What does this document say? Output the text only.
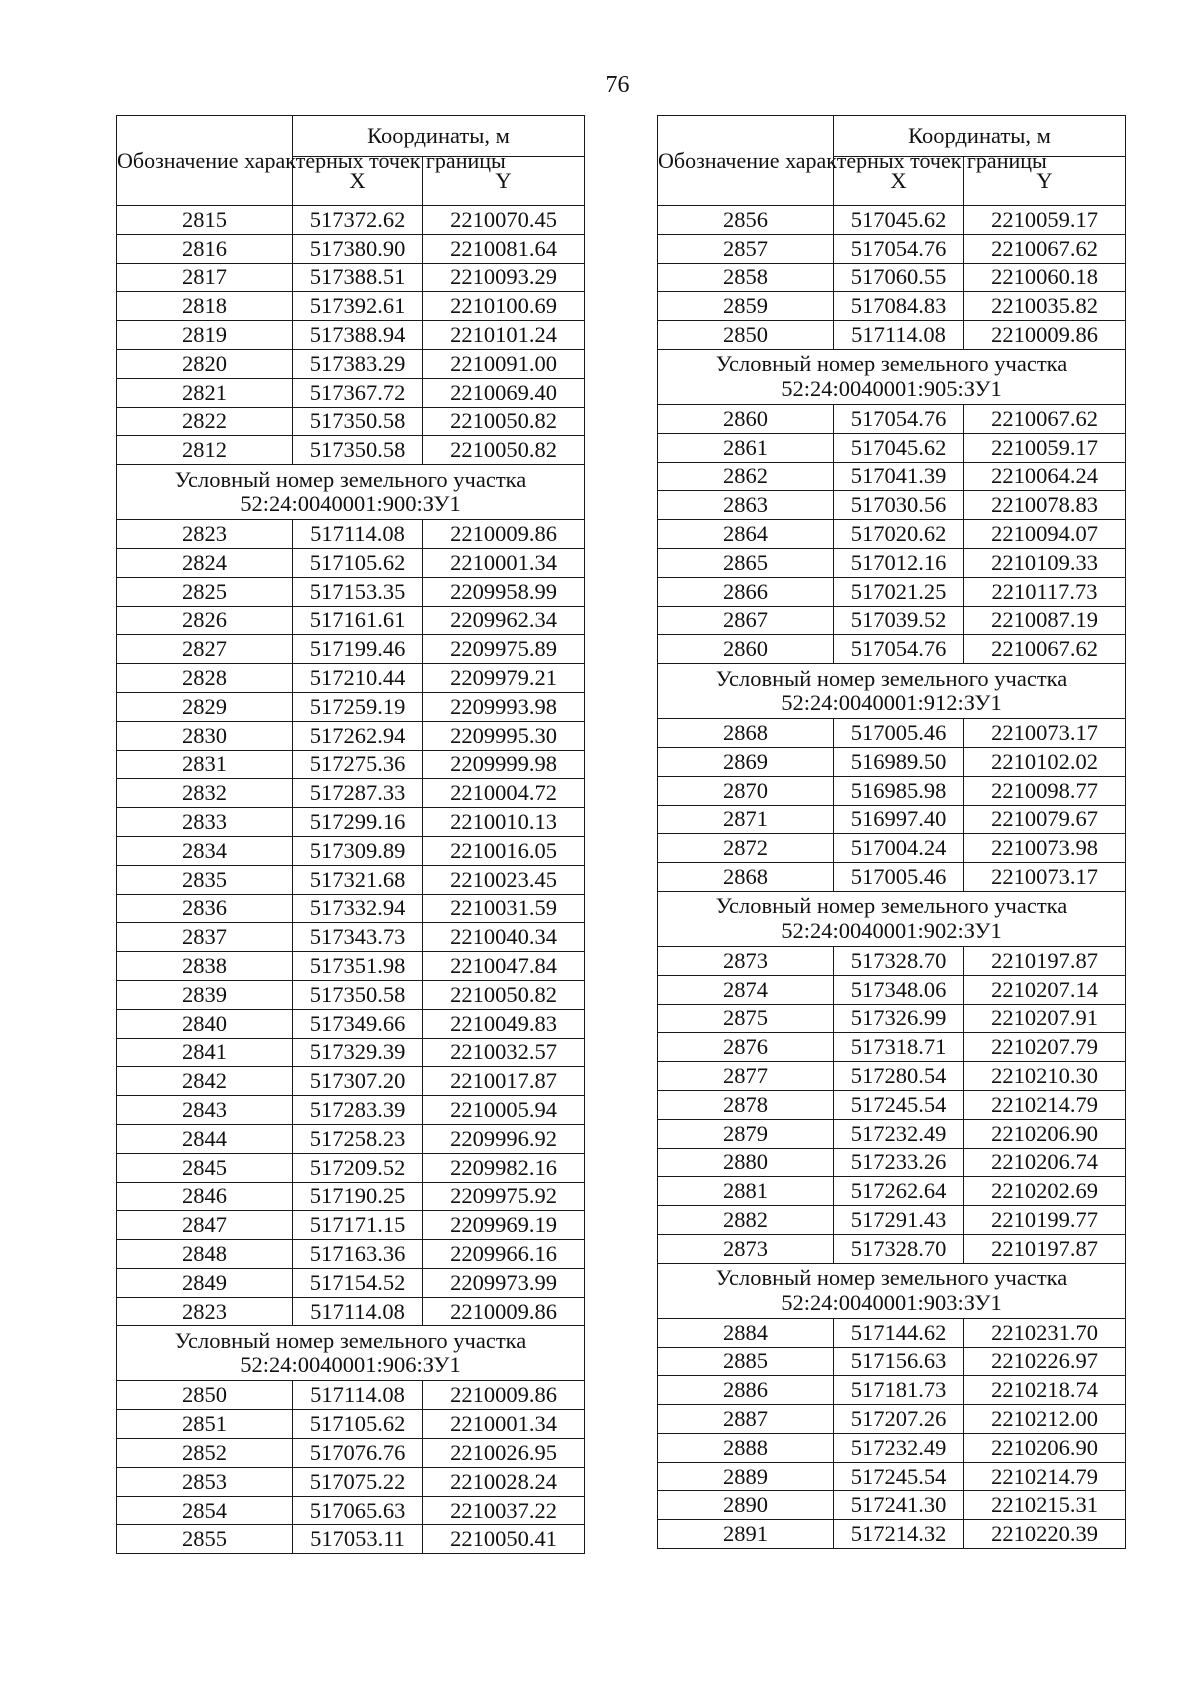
76
Обозначение характерных точек границы	Координаты, м	
	X	Y
2815	517372.62	2210070.45
2816	517380.90	2210081.64
2817	517388.51	2210093.29
2818	517392.61	2210100.69
2819	517388.94	2210101.24
2820	517383.29	2210091.00
2821	517367.72	2210069.40
2822	517350.58	2210050.82
2812	517350.58	2210050.82

Условный номер земельного участка
52:24:0040001:900:ЗУ1		

2823	517114.08	2210009.86
2824	517105.62	2210001.34
2825	517153.35	2209958.99
2826	517161.61	2209962.34
2827	517199.46	2209975.89
2828	517210.44	2209979.21
2829	517259.19	2209993.98
2830	517262.94	2209995.30
2831	517275.36	2209999.98
2832	517287.33	2210004.72
2833	517299.16	2210010.13
2834	517309.89	2210016.05
2835	517321.68	2210023.45
2836	517332.94	2210031.59
2837	517343.73	2210040.34
2838	517351.98	2210047.84
2839	517350.58	2210050.82
2840	517349.66	2210049.83
2841	517329.39	2210032.57
2842	517307.20	2210017.87
2843	517283.39	2210005.94
2844	517258.23	2209996.92
2845	517209.52	2209982.16
2846	517190.25	2209975.92
2847	517171.15	2209969.19
2848	517163.36	2209966.16
2849	517154.52	2209973.99
2823	517114.08	2210009.86

Условный номер земельного участка
52:24:0040001:906:ЗУ1		

2850	517114.08	2210009.86
2851	517105.62	2210001.34
2852	517076.76	2210026.95
2853	517075.22	2210028.24
2854	517065.63	2210037.22
2855	517053.11	2210050.41
Обозначение характерных точек границы	Координаты, м	
	X	Y
2856	517045.62	2210059.17
2857	517054.76	2210067.62
2858	517060.55	2210060.18
2859	517084.83	2210035.82
2850	517114.08	2210009.86

Условный номер земельного участка
52:24:0040001:905:ЗУ1		

2860	517054.76	2210067.62
2861	517045.62	2210059.17
2862	517041.39	2210064.24
2863	517030.56	2210078.83
2864	517020.62	2210094.07
2865	517012.16	2210109.33
2866	517021.25	2210117.73
2867	517039.52	2210087.19
2860	517054.76	2210067.62

Условный номер земельного участка
52:24:0040001:912:ЗУ1		

2868	517005.46	2210073.17
2869	516989.50	2210102.02
2870	516985.98	2210098.77
2871	516997.40	2210079.67
2872	517004.24	2210073.98
2868	517005.46	2210073.17

Условный номер земельного участка
52:24:0040001:902:ЗУ1		

2873	517328.70	2210197.87
2874	517348.06	2210207.14
2875	517326.99	2210207.91
2876	517318.71	2210207.79
2877	517280.54	2210210.30
2878	517245.54	2210214.79
2879	517232.49	2210206.90
2880	517233.26	2210206.74
2881	517262.64	2210202.69
2882	517291.43	2210199.77
2873	517328.70	2210197.87

Условный номер земельного участка
52:24:0040001:903:ЗУ1		

2884	517144.62	2210231.70
2885	517156.63	2210226.97
2886	517181.73	2210218.74
2887	517207.26	2210212.00
2888	517232.49	2210206.90
2889	517245.54	2210214.79
2890	517241.30	2210215.31
2891	517214.32	2210220.39
